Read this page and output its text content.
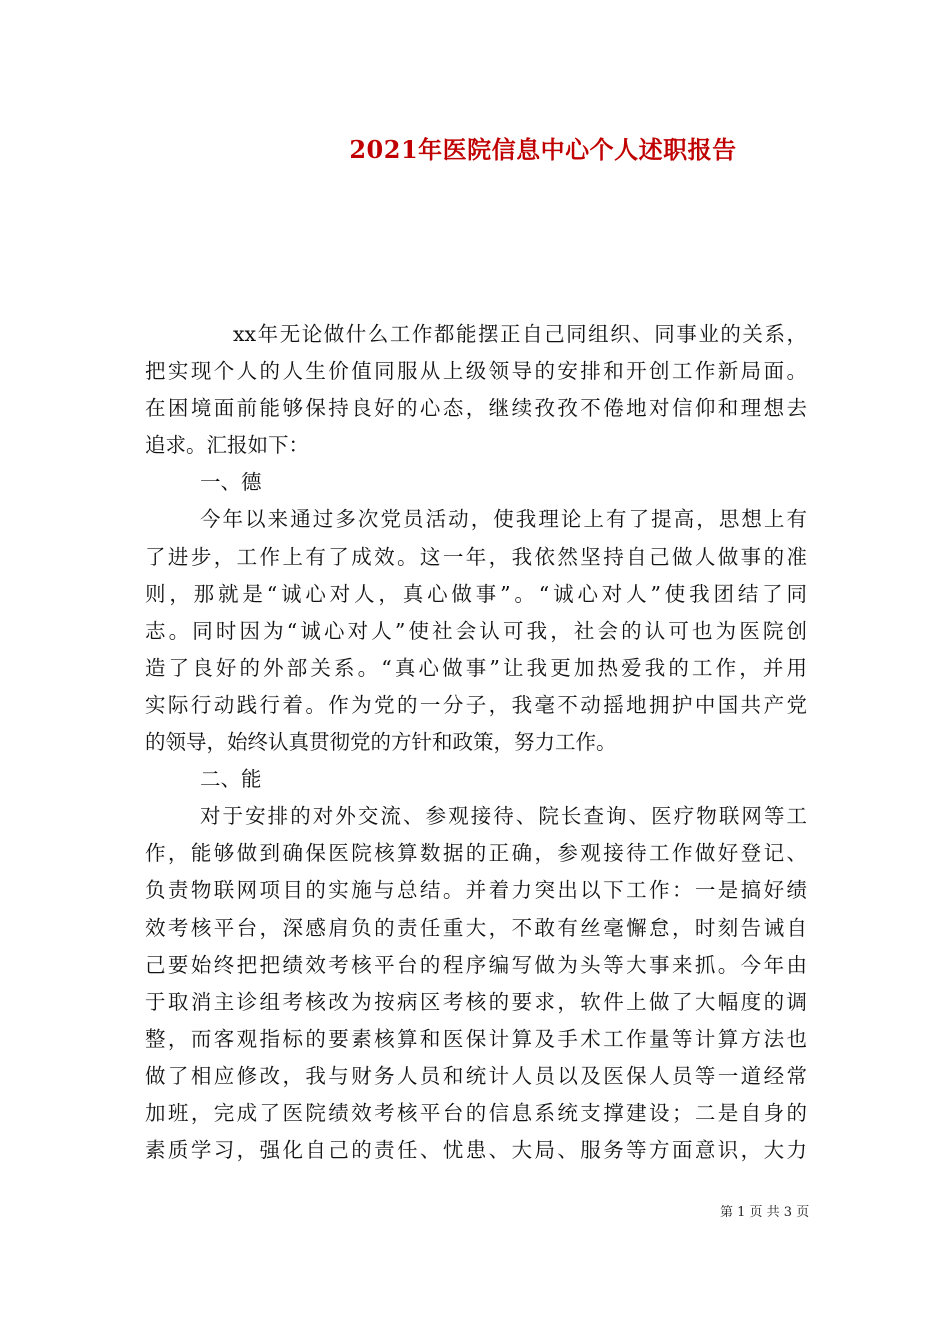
2021年医院信息中心个人述职报告
xx年无论做什么工作都能摆正自己同组织、同事业的关系，
把实现个人的人生价值同服从上级领导的安排和开创工作新局面。
在困境面前能够保持良好的心态，继续孜孜不倦地对信仰和理想去
追求。汇报如下：
一、德
今年以来通过多次党员活动，使我理论上有了提高，思想上有
了进步，工作上有了成效。这一年，我依然坚持自己做人做事的准
则，那就是“诚心对人，真心做事”。“诚心对人”使我团结了同
志。同时因为“诚心对人”使社会认可我，社会的认可也为医院创
造了良好的外部关系。“真心做事”让我更加热爱我的工作，并用
实际行动践行着。作为党的一分子，我毫不动摇地拥护中国共产党
的领导，始终认真贯彻党的方针和政策，努力工作。
二、能
对于安排的对外交流、参观接待、院长查询、医疗物联网等工
作，能够做到确保医院核算数据的正确，参观接待工作做好登记、
负责物联网项目的实施与总结。并着力突出以下工作：一是搞好绩
效考核平台，深感肩负的责任重大，不敢有丝毫懈怠，时刻告诫自
己要始终把把绩效考核平台的程序编写做为头等大事来抓。今年由
于取消主诊组考核改为按病区考核的要求，软件上做了大幅度的调
整，而客观指标的要素核算和医保计算及手术工作量等计算方法也
做了相应修改，我与财务人员和统计人员以及医保人员等一道经常
加班，完成了医院绩效考核平台的信息系统支撑建设；二是自身的
素质学习，强化自己的责任、忧患、大局、服务等方面意识，大力
第 1 页 共 3 页
